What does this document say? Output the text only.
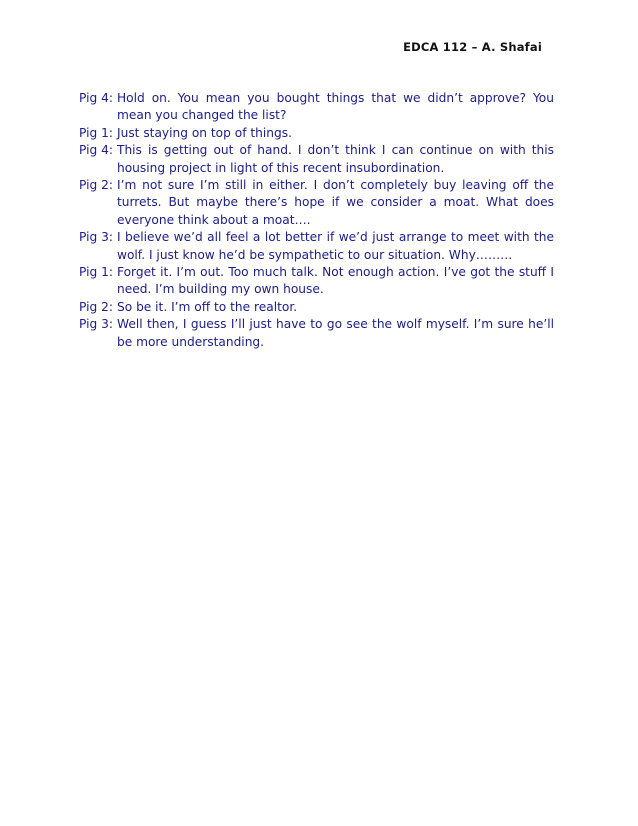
EDCA 112 – A. Shafai
Pig 4: Hold on. You mean you bought things that we didn’t approve? You mean you changed the list?
Pig 1: Just staying on top of things.
Pig 4: This is getting out of hand. I don’t think I can continue on with this housing project in light of this recent insubordination.
Pig 2: I’m not sure I’m still in either. I don’t completely buy leaving off the turrets. But maybe there’s hope if we consider a moat. What does everyone think about a moat….
Pig 3: I believe we’d all feel a lot better if we’d just arrange to meet with the wolf. I just know he’d be sympathetic to our situation. Why………
Pig 1: Forget it. I’m out. Too much talk. Not enough action. I’ve got the stuff I need. I’m building my own house.
Pig 2: So be it. I’m off to the realtor.
Pig 3: Well then, I guess I’ll just have to go see the wolf myself. I’m sure he’ll be more understanding.
